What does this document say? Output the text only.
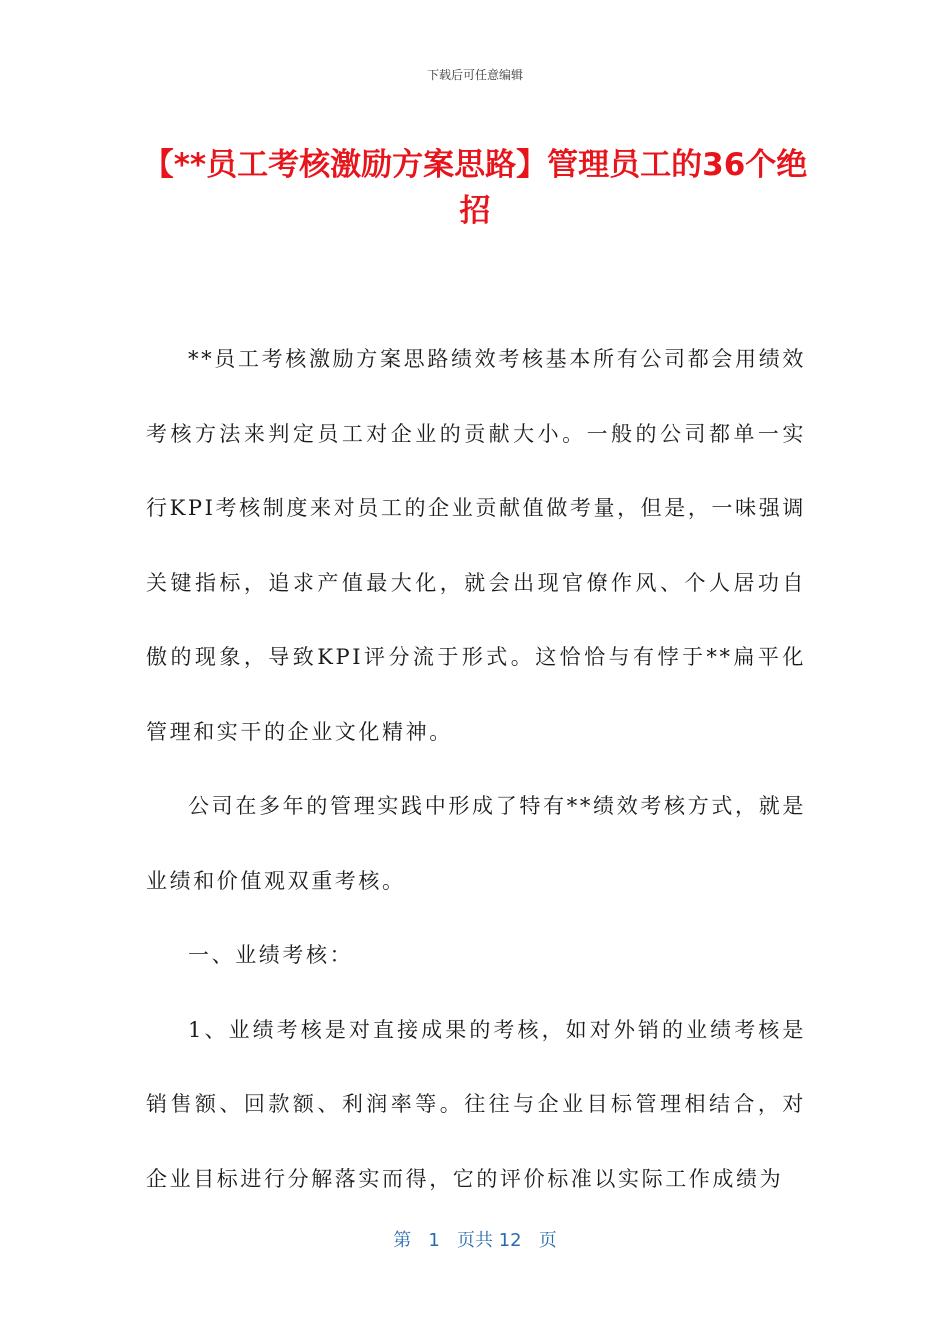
下载后可任意编辑
【**员工考核激励方案思路】管理员工的36个绝招

**员工考核激励方案思路绩效考核基本所有公司都会用绩效考核方法来判定员工对企业的贡献大小。一般的公司都单一实行KPI考核制度来对员工的企业贡献值做考量，但是，一味强调关键指标，追求产值最大化，就会出现官僚作风、个人居功自傲的现象，导致KPI评分流于形式。这恰恰与有悖于**扁平化管理和实干的企业文化精神。

公司在多年的管理实践中形成了特有**绩效考核方式，就是业绩和价值观双重考核。

一、业绩考核：

1、业绩考核是对直接成果的考核，如对外销的业绩考核是销售额、回款额、利润率等。往往与企业目标管理相结合，对企业目标进行分解落实而得，它的评价标准以实际工作成绩为

第 1 页共 12 页
